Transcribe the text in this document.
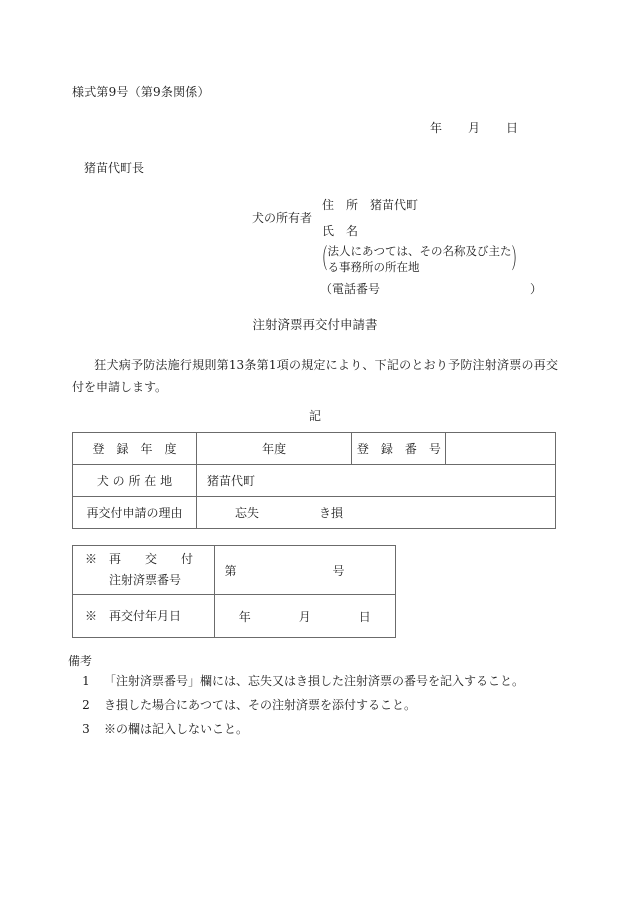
様式第9号（第9条関係）
年 月 日
猪苗代町長
犬の所有者
住　所　猪苗代町
氏　名
（ 法人にあつては、その名称及び主た
る事務所の所在地	）
（電話番号	）
注射済票再交付申請書
狂犬病予防法施行規則第13条第1項の規定により、下記のとおり予防注射済票の再交付を申請します。
記
登　録　年　度	年度	登　録　番　号	
犬 の 所 在 地	猪苗代町		
再交付申請の理由	忘失　　　　　き損		
※　再　　交　　付
　　注射済票番号	第　　　　　　　　号
※　再交付年月日	年　　　　月　　　　日
備考
1	「注射済票番号」欄には、忘失又はき損した注射済票の番号を記入すること。
2	き損した場合にあつては、その注射済票を添付すること。
3	※の欄は記入しないこと。
